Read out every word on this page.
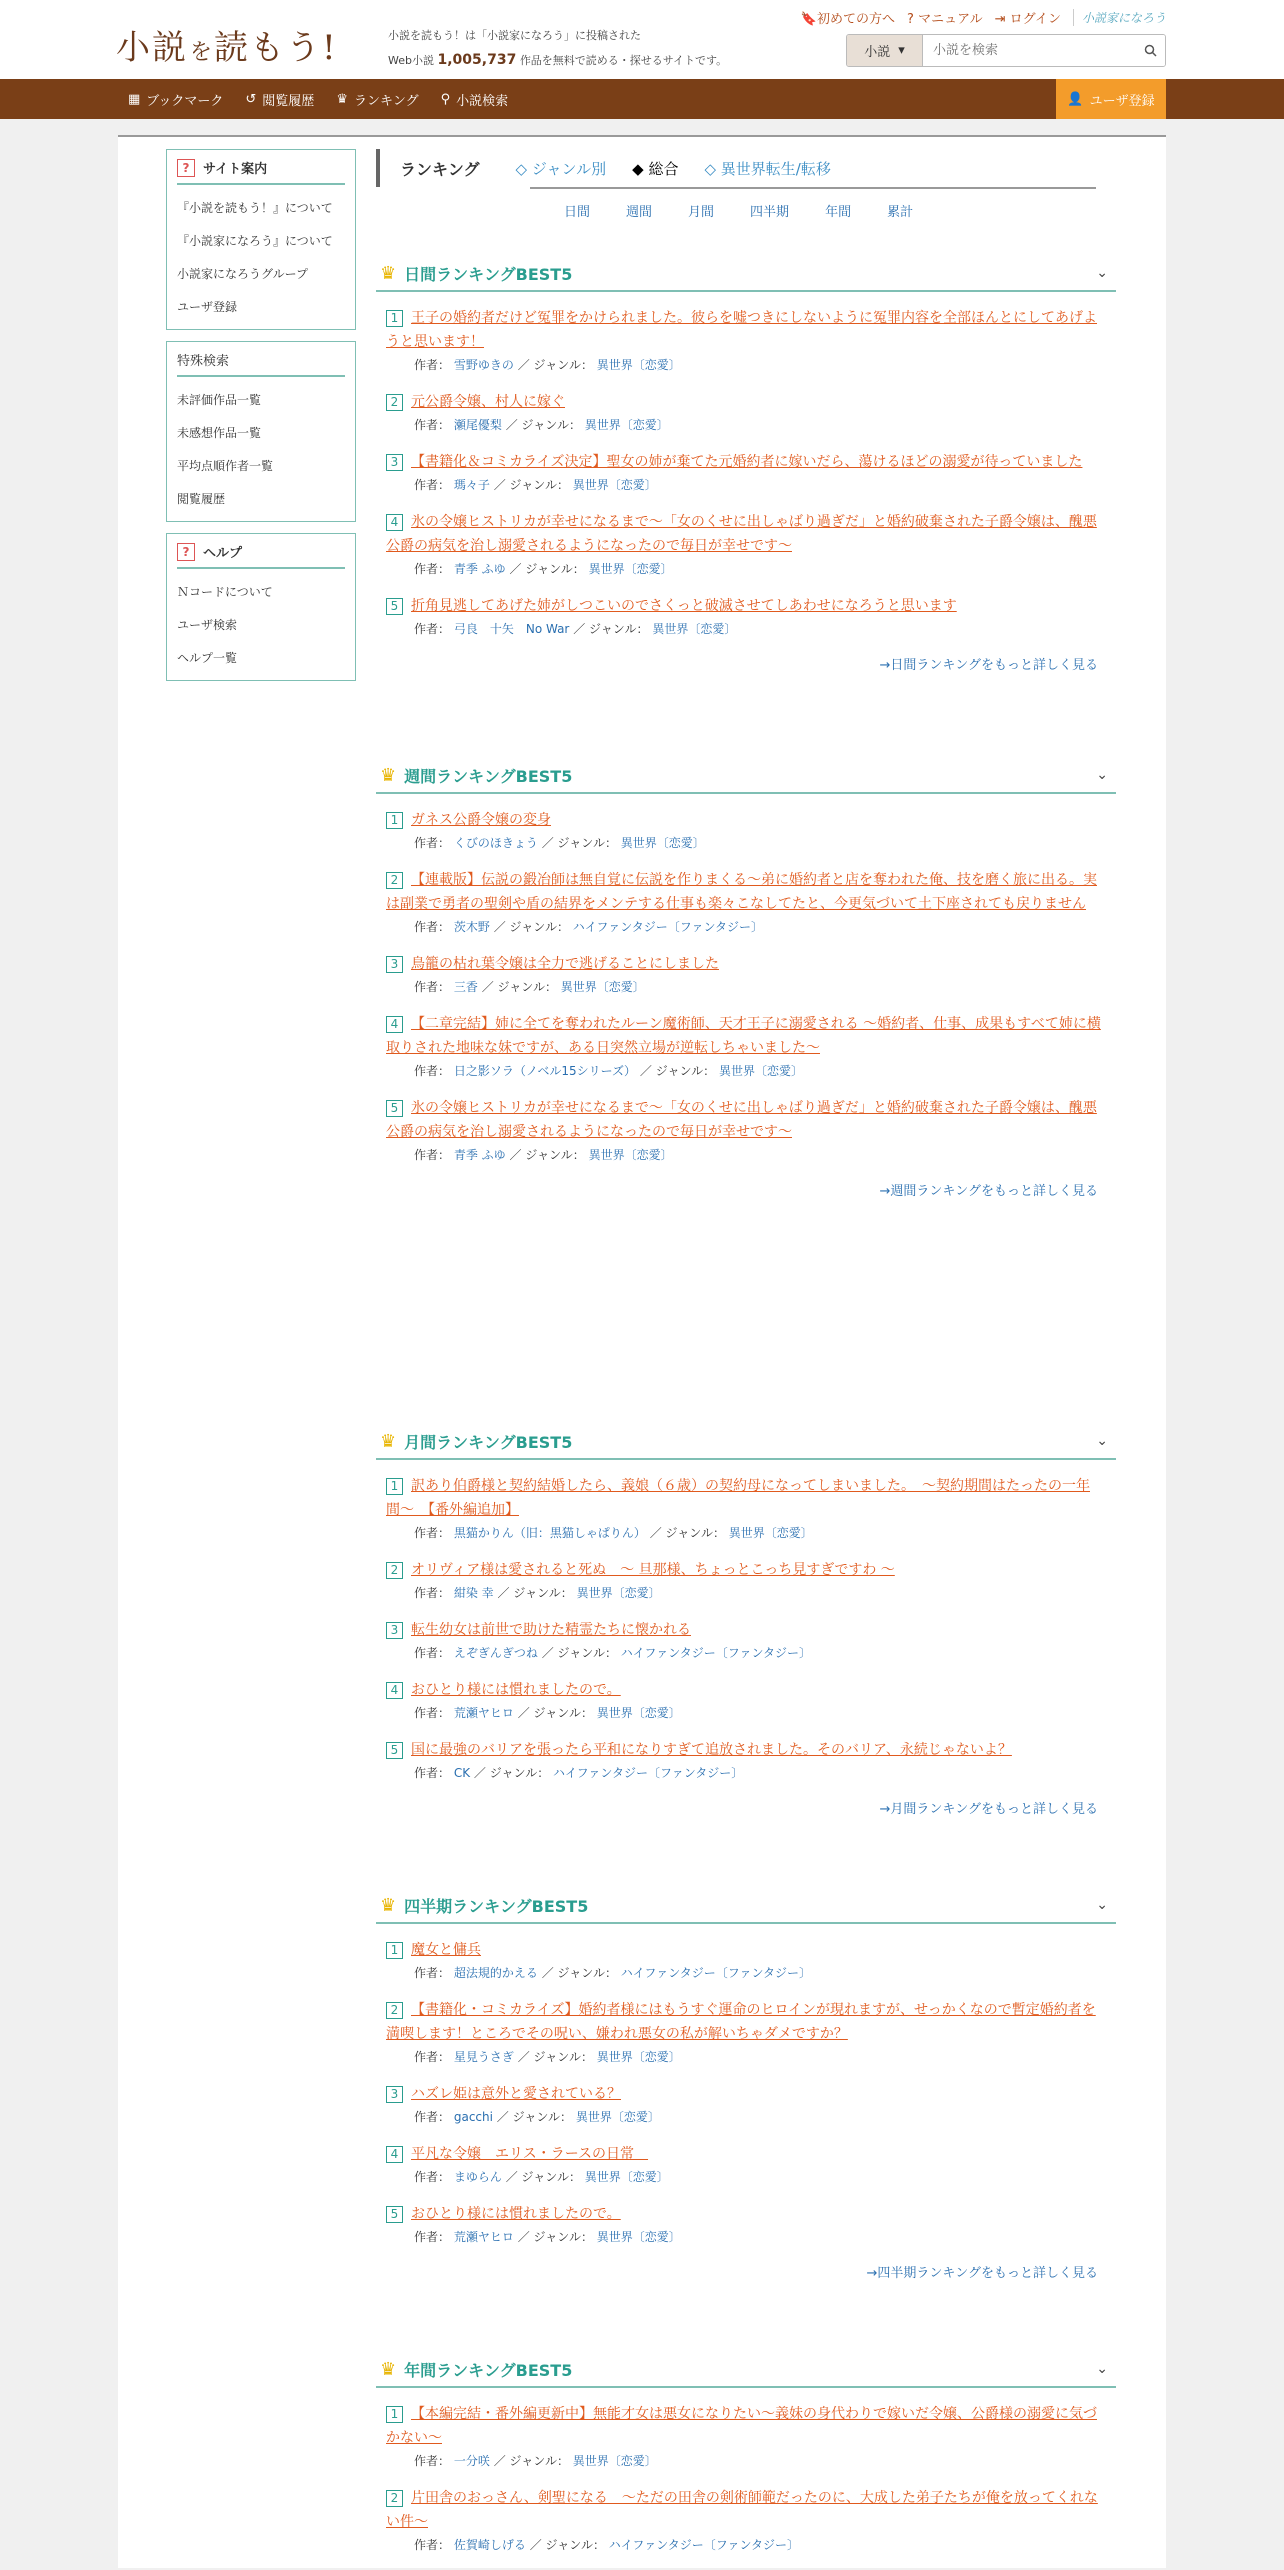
小説 を 読もう!	小説を読もう！は「小説家になろう」に投稿された
Web小説 1,005,737 作品を無料で読める・探せるサイトです。
🔖初めての方へ ? マニュアル ⇥ ログイン	小説家になろう
小説 ▾
小説を検索
▦ ブックマーク ↺ 閲覧履歴 ♛ ランキング ⚲ 小説検索	👤 ユーザ登録
?	サイト案内
『小説を読もう！』について
『小説家になろう』について
小説家になろうグループ
ユーザ登録
特殊検索
未評価作品一覧
未感想作品一覧
平均点順作者一覧
閲覧履歴
?	ヘルプ
Ｎコードについて
ユーザ検索
ヘルプ一覧
ランキング ◇ ジャンル別 ◆ 総合 ◇ 異世界転生/転移
日間	週間	月間	四半期	年間	累計
♛ 日間ランキングBEST5	⌄
1 王子の婚約者だけど冤罪をかけられました。彼らを嘘つきにしないように冤罪内容を全部ほんとにしてあげようと思います！
作者： 雪野ゆきの ／ ジャンル： 異世界〔恋愛〕
2 元公爵令嬢、村人に嫁ぐ
作者： 瀬尾優梨 ／ ジャンル： 異世界〔恋愛〕
3 【書籍化＆コミカライズ決定】聖女の姉が棄てた元婚約者に嫁いだら、蕩けるほどの溺愛が待っていました
作者： 瑪々子 ／ ジャンル： 異世界〔恋愛〕
4 氷の令嬢ヒストリカが幸せになるまで〜「女のくせに出しゃばり過ぎだ」と婚約破棄された子爵令嬢は、醜悪公爵の病気を治し溺愛されるようになったので毎日が幸せです〜
作者： 青季 ふゆ ／ ジャンル： 異世界〔恋愛〕
5 折角見逃してあげた姉がしつこいのでさくっと破滅させてしあわせになろうと思います
作者： 弓良　十矢　No War ／ ジャンル： 異世界〔恋愛〕
→日間ランキングをもっと詳しく見る
♛ 週間ランキングBEST5	⌄
1 ガネス公爵令嬢の変身
作者： くびのほきょう ／ ジャンル： 異世界〔恋愛〕
2 【連載版】伝説の鍛冶師は無自覚に伝説を作りまくる～弟に婚約者と店を奪われた俺、技を磨く旅に出る。実は副業で勇者の聖剣や盾の結界をメンテする仕事も楽々こなしてたと、今更気づいて土下座されても戻りません
作者： 茨木野 ／ ジャンル： ハイファンタジー〔ファンタジー〕
3 鳥籠の枯れ葉令嬢は全力で逃げることにしました
作者： 三香 ／ ジャンル： 異世界〔恋愛〕
4 【二章完結】姉に全てを奪われたルーン魔術師、天才王子に溺愛される ～婚約者、仕事、成果もすべて姉に横取りされた地味な妹ですが、ある日突然立場が逆転しちゃいました～
作者： 日之影ソラ（ノベル15シリーズ） ／ ジャンル： 異世界〔恋愛〕
5 氷の令嬢ヒストリカが幸せになるまで〜「女のくせに出しゃばり過ぎだ」と婚約破棄された子爵令嬢は、醜悪公爵の病気を治し溺愛されるようになったので毎日が幸せです〜
作者： 青季 ふゆ ／ ジャンル： 異世界〔恋愛〕
→週間ランキングをもっと詳しく見る
♛ 月間ランキングBEST5	⌄
1 訳あり伯爵様と契約結婚したら、義娘（６歳）の契約母になってしまいました。　〜契約期間はたったの一年間〜　【番外編追加】
作者： 黒猫かりん（旧：黒猫しゃぱりん） ／ ジャンル： 異世界〔恋愛〕
2 オリヴィア様は愛されると死ぬ　～ 旦那様、ちょっとこっち見すぎですわ ～
作者： 紺染 幸 ／ ジャンル： 異世界〔恋愛〕
3 転生幼女は前世で助けた精霊たちに懐かれる
作者： えぞぎんぎつね ／ ジャンル： ハイファンタジー〔ファンタジー〕
4 おひとり様には慣れましたので。
作者： 荒瀬ヤヒロ ／ ジャンル： 異世界〔恋愛〕
5 国に最強のバリアを張ったら平和になりすぎて追放されました。そのバリア、永続じゃないよ？
作者： CK ／ ジャンル： ハイファンタジー〔ファンタジー〕
→月間ランキングをもっと詳しく見る
♛ 四半期ランキングBEST5	⌄
1 魔女と傭兵
作者： 超法規的かえる ／ ジャンル： ハイファンタジー〔ファンタジー〕
2 【書籍化・コミカライズ】婚約者様にはもうすぐ運命のヒロインが現れますが、せっかくなので暫定婚約者を満喫します！ところでその呪い、嫌われ悪女の私が解いちゃダメですか？
作者： 星見うさぎ ／ ジャンル： 異世界〔恋愛〕
3 ハズレ姫は意外と愛されている？
作者： gacchi ／ ジャンル： 異世界〔恋愛〕
4 平凡な令嬢　エリス・ラースの日常　
作者： まゆらん ／ ジャンル： 異世界〔恋愛〕
5 おひとり様には慣れましたので。
作者： 荒瀬ヤヒロ ／ ジャンル： 異世界〔恋愛〕
→四半期ランキングをもっと詳しく見る
♛ 年間ランキングBEST5	⌄
1 【本編完結・番外編更新中】無能才女は悪女になりたい～義妹の身代わりで嫁いだ令嬢、公爵様の溺愛に気づかない～
作者： 一分咲 ／ ジャンル： 異世界〔恋愛〕
2 片田舎のおっさん、剣聖になる　～ただの田舎の剣術師範だったのに、大成した弟子たちが俺を放ってくれない件～
作者： 佐賀崎しげる ／ ジャンル： ハイファンタジー〔ファンタジー〕
